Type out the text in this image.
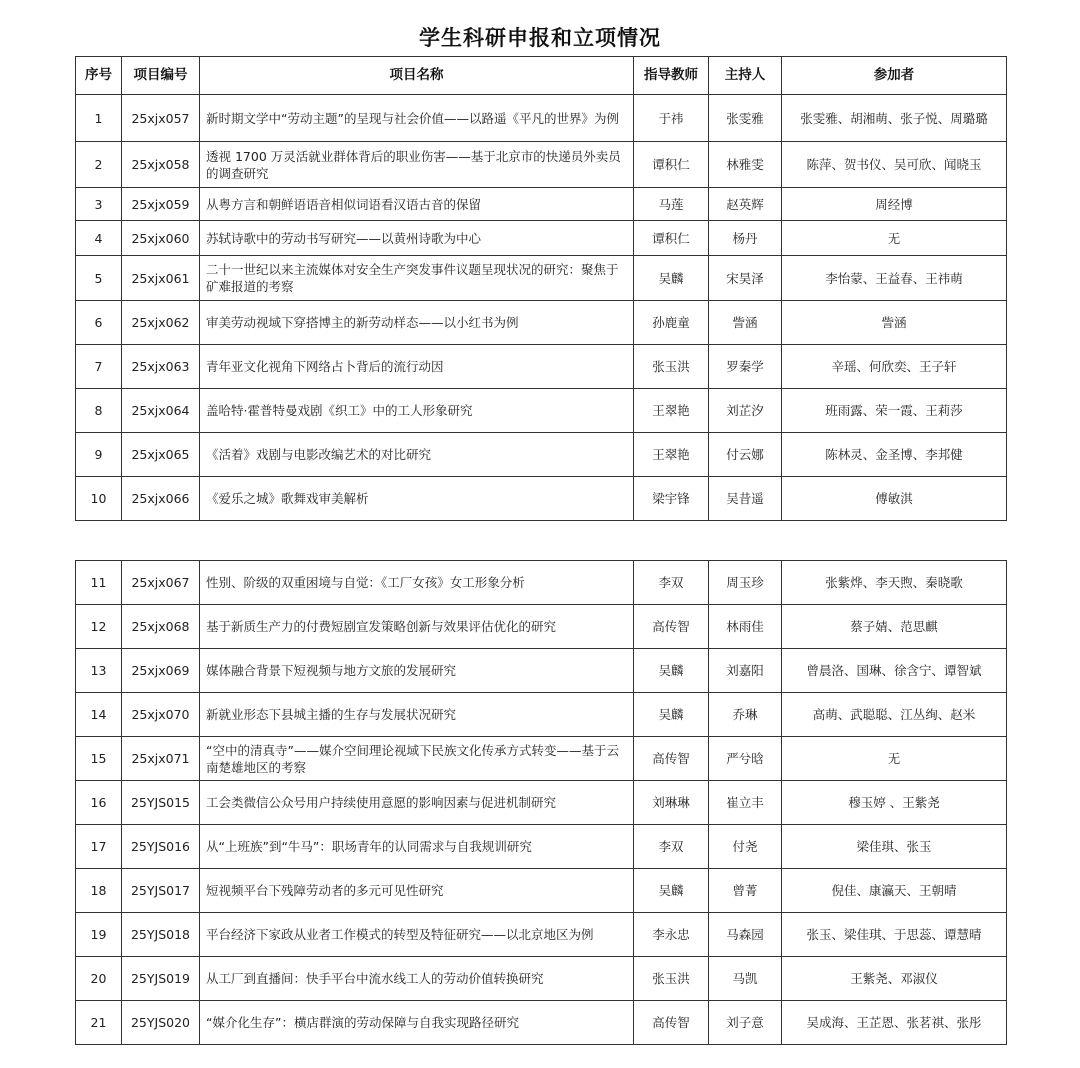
学生科研申报和立项情况
序号	项目编号	项目名称	指导教师	主持人	参加者
1	25xjx057	新时期文学中“劳动主题”的呈现与社会价值——以路遥《平凡的世界》为例	于祎	张雯雅	张雯雅、胡湘萌、张子悦、周璐璐
2	25xjx058	透视 1700 万灵活就业群体背后的职业伤害——基于北京市的快递员外卖员的调查研究	谭积仁	林雅雯	陈萍、贺书仪、吴可欣、闻晓玉
3	25xjx059	从粤方言和朝鲜语语音相似词语看汉语古音的保留	马莲	赵英辉	周经博
4	25xjx060	苏轼诗歌中的劳动书写研究——以黄州诗歌为中心	谭积仁	杨丹	无
5	25xjx061	二十一世纪以来主流媒体对安全生产突发事件议题呈现状况的研究：聚焦于矿难报道的考察	吴麟	宋昊泽	李怡蒙、王益春、王祎萌
6	25xjx062	审美劳动视域下穿搭博主的新劳动样态——以小红书为例	孙鹿童	訾涵	訾涵
7	25xjx063	青年亚文化视角下网络占卜背后的流行动因	张玉洪	罗秦学	辛瑶、何欣奕、王子轩
8	25xjx064	盖哈特·霍普特曼戏剧《织工》中的工人形象研究	王翠艳	刘芷汐	班雨露、荣一霞、王莉莎
9	25xjx065	《活着》戏剧与电影改编艺术的对比研究	王翠艳	付云娜	陈林灵、金圣博、李邦健
10	25xjx066	《爱乐之城》歌舞戏审美解析	梁宇锋	吴昔遥	傅敏淇
11	25xjx067	性别、阶级的双重困境与自觉：《工厂女孩》女工形象分析	李双	周玉珍	张紫烨、李天煦、秦晓歌
12	25xjx068	基于新质生产力的付费短剧宣发策略创新与效果评估优化的研究	高传智	林雨佳	蔡子婧、范思麒
13	25xjx069	媒体融合背景下短视频与地方文旅的发展研究	吴麟	刘嘉阳	曾晨洛、国琳、徐含宁、谭智斌
14	25xjx070	新就业形态下县城主播的生存与发展状况研究	吴麟	乔琳	高萌、武聪聪、江丛绚、赵米
15	25xjx071	“空中的清真寺”——媒介空间理论视域下民族文化传承方式转变——基于云南楚雄地区的考察	高传智	严兮晗	无
16	25YJS015	工会类微信公众号用户持续使用意愿的影响因素与促进机制研究	刘琳琳	崔立丰	穆玉婷 、王紫尧
17	25YJS016	从“上班族”到“牛马”：职场青年的认同需求与自我规训研究	李双	付尧	梁佳琪、张玉
18	25YJS017	短视频平台下残障劳动者的多元可见性研究	吴麟	曾菁	倪佳、康瀛天、王朝晴
19	25YJS018	平台经济下家政从业者工作模式的转型及特征研究——以北京地区为例	李永忠	马森园	张玉、梁佳琪、于思蕊、谭慧晴
20	25YJS019	从工厂到直播间：快手平台中流水线工人的劳动价值转换研究	张玉洪	马凯	王紫尧、邓淑仪
21	25YJS020	“媒介化生存”：横店群演的劳动保障与自我实现路径研究	高传智	刘子意	吴成海、王芷恩、张茗祺、张彤
